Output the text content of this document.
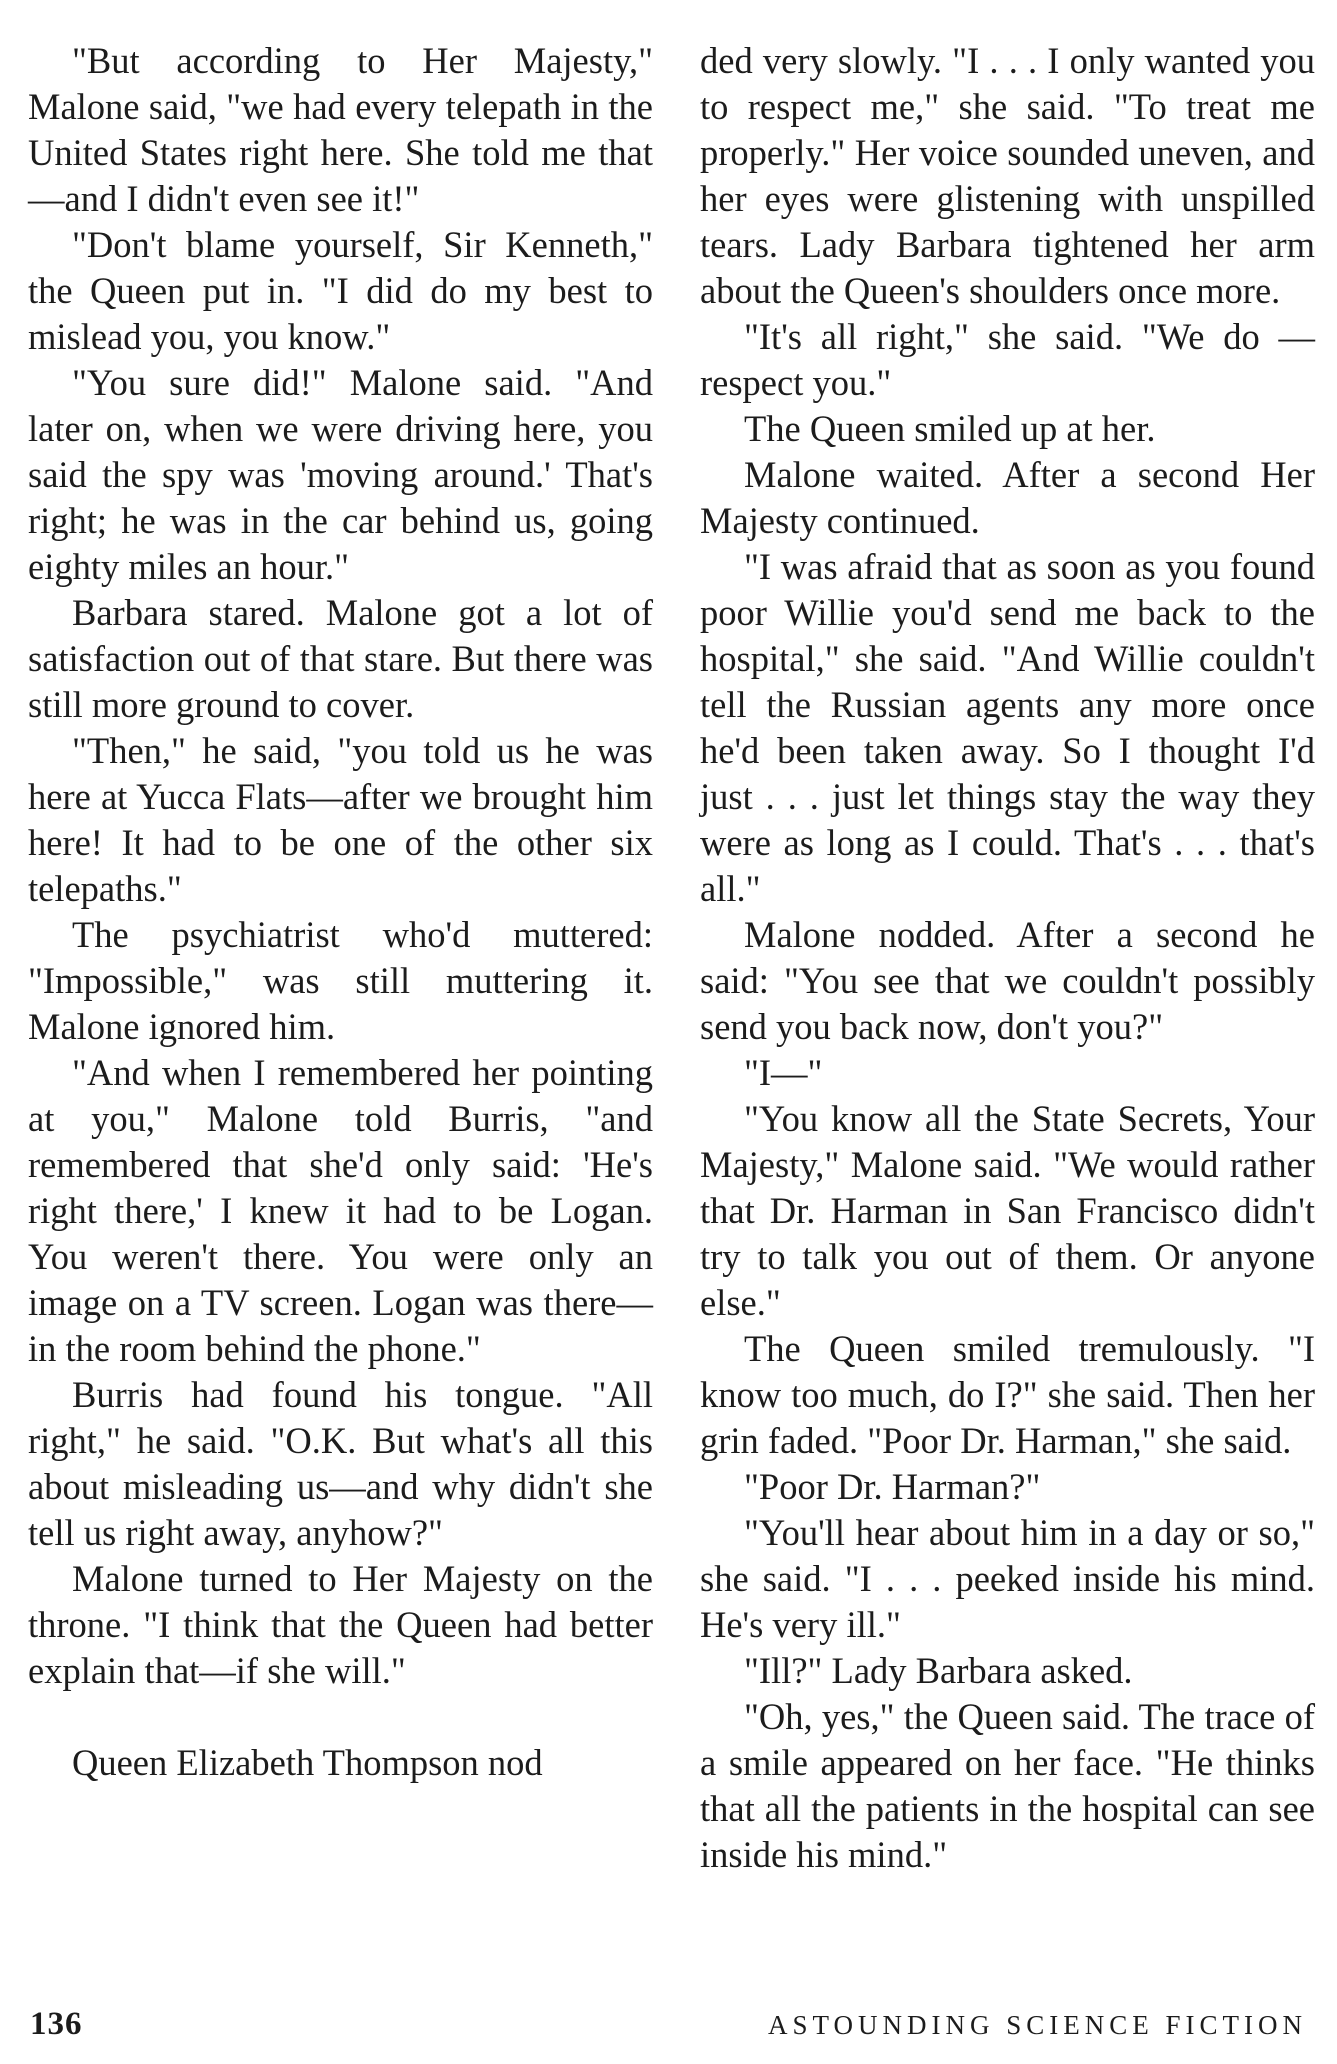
"But according to Her Majesty," Malone said, "we had every telepath in the United States right here. She told me that—and I didn't even see it!"

"Don't blame yourself, Sir Kenneth," the Queen put in. "I did do my best to mislead you, you know."

"You sure did!" Malone said. "And later on, when we were driving here, you said the spy was 'moving around.' That's right; he was in the car behind us, going eighty miles an hour."

Barbara stared. Malone got a lot of satisfaction out of that stare. But there was still more ground to cover.

"Then," he said, "you told us he was here at Yucca Flats—after we brought him here! It had to be one of the other six telepaths."

The psychiatrist who'd muttered: "Impossible," was still muttering it. Malone ignored him.

"And when I remembered her pointing at you," Malone told Burris, "and remembered that she'd only said: 'He's right there,' I knew it had to be Logan. You weren't there. You were only an image on a TV screen. Logan was there—in the room behind the phone."

Burris had found his tongue. "All right," he said. "O.K. But what's all this about misleading us—and why didn't she tell us right away, anyhow?"

Malone turned to Her Majesty on the throne. "I think that the Queen had better explain that—if she will."

Queen Elizabeth Thompson nod

ded very slowly. "I . . . I only wanted you to respect me," she said. "To treat me properly." Her voice sounded uneven, and her eyes were glistening with unspilled tears. Lady Barbara tightened her arm about the Queen's shoulders once more.

"It's all right," she said. "We do —respect you."

The Queen smiled up at her.

Malone waited. After a second Her Majesty continued.

"I was afraid that as soon as you found poor Willie you'd send me back to the hospital," she said. "And Willie couldn't tell the Russian agents any more once he'd been taken away. So I thought I'd just . . . just let things stay the way they were as long as I could. That's . . . that's all."

Malone nodded. After a second he said: "You see that we couldn't possibly send you back now, don't you?"

"I—"

"You know all the State Secrets, Your Majesty," Malone said. "We would rather that Dr. Harman in San Francisco didn't try to talk you out of them. Or anyone else."

The Queen smiled tremulously. "I know too much, do I?" she said. Then her grin faded. "Poor Dr. Harman," she said.

"Poor Dr. Harman?"

"You'll hear about him in a day or so," she said. "I . . . peeked inside his mind. He's very ill."

"Ill?" Lady Barbara asked.

"Oh, yes," the Queen said. The trace of a smile appeared on her face. "He thinks that all the patients in the hospital can see inside his mind."

136	ASTOUNDING SCIENCE FICTION
